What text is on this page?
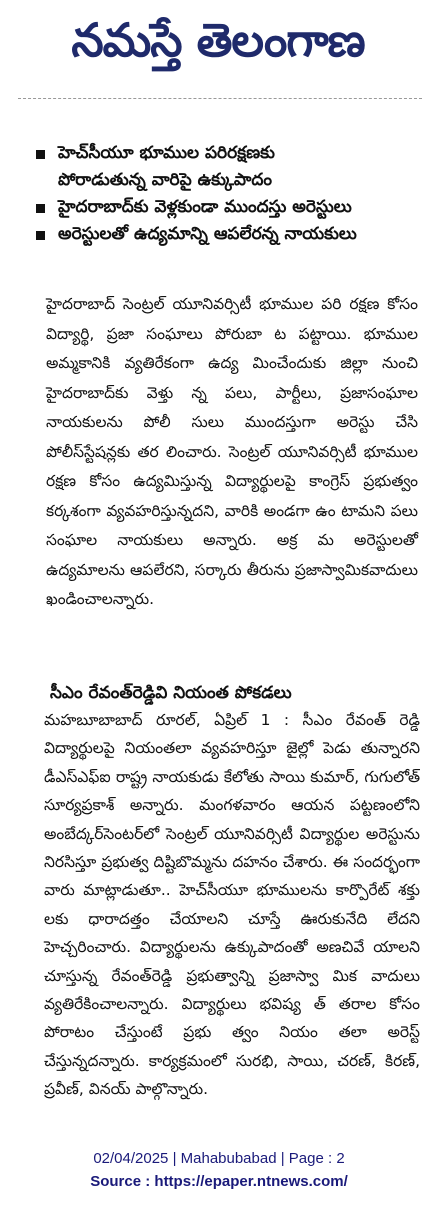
నమస్తే తెలంగాణ
హెచ్‌సీయూ భూముల పరిరక్షణకు
పోరాడుతున్న వారిపై ఉక్కుపాదం
హైదరాబాద్‌కు వెళ్లకుండా ముందస్తు అరెస్టులు
అరెస్టులతో ఉద్యమాన్ని ఆపలేరన్న నాయకులు
హైదరాబాద్ సెంట్రల్ యూనివర్సిటీ భూముల పరి రక్షణ కోసం విద్యార్థి, ప్రజా సంఘాలు పోరుబా ట పట్టాయి. భూముల అమ్మకానికి వ్యతిరేకంగా ఉద్య మించేందుకు జిల్లా నుంచి హైదరాబాద్‌కు వెళ్తు న్న పలు, పార్టీలు, ప్రజాసంఘాల నాయకులను పోలీ సులు ముందస్తుగా అరెస్టు చేసి పోలీస్‌స్టేషన్లకు తర లించారు. సెంట్రల్ యూనివర్సిటీ భూముల రక్షణ కోసం ఉద్యమిస్తున్న విద్యార్థులపై కాంగ్రెస్ ప్రభుత్వం కర్కశంగా వ్యవహరిస్తున్నదని, వారికి అండగా ఉం టామని పలు సంఘాల నాయకులు అన్నారు. అక్ర మ అరెస్టులతో ఉద్యమాలను ఆపలేరని, సర్కారు తీరును ప్రజాస్వామికవాదులు ఖండించాలన్నారు.
సీఎం రేవంత్‌రెడ్డివి నియంత పోకడలు
మహబూబాబాద్ రూరల్, ఏప్రిల్ 1 : సీఎం రేవంత్ రెడ్డి విద్యార్థులపై నియంతలా వ్యవహరిస్తూ జైల్లో పెడు తున్నారని డీఎస్‌ఎఫ్ఐ రాష్ట్ర నాయకుడు కేలోతు సాయి కుమార్, గుగులోత్ సూర్యప్రకాశ్ అన్నారు. మంగళవారం ఆయన పట్టణంలోని అంబేద్కర్‌సెంటర్‌లో సెంట్రల్ యూనివర్సిటీ విద్యార్థుల అరెస్టును నిరసిస్తూ ప్రభుత్వ దిష్టిబొమ్మను దహనం చేశారు. ఈ సందర్భంగా వారు మాట్లాడుతూ.. హెచ్‌సీయూ భూములను కార్పొరేట్ శక్తు లకు ధారాదత్తం చేయాలని చూస్తే ఊరుకునేది లేదని హెచ్చరించారు. విద్యార్థులను ఉక్కుపాదంతో అణచివే యాలని చూస్తున్న రేవంత్‌రెడ్డి ప్రభుత్వాన్ని ప్రజాస్వా మిక వాదులు వ్యతిరేకించాలన్నారు. విద్యార్థులు భవిష్య త్ తరాల కోసం పోరాటం చేస్తుంటే ప్రభు త్వం నియం తలా అరెస్ట్ చేస్తున్నదన్నారు. కార్యక్రమంలో సురభి, సాయి, చరణ్, కిరణ్, ప్రవీణ్, వినయ్ పాల్గొన్నారు.
02/04/2025 | Mahabubabad | Page : 2
Source : https://epaper.ntnews.com/
